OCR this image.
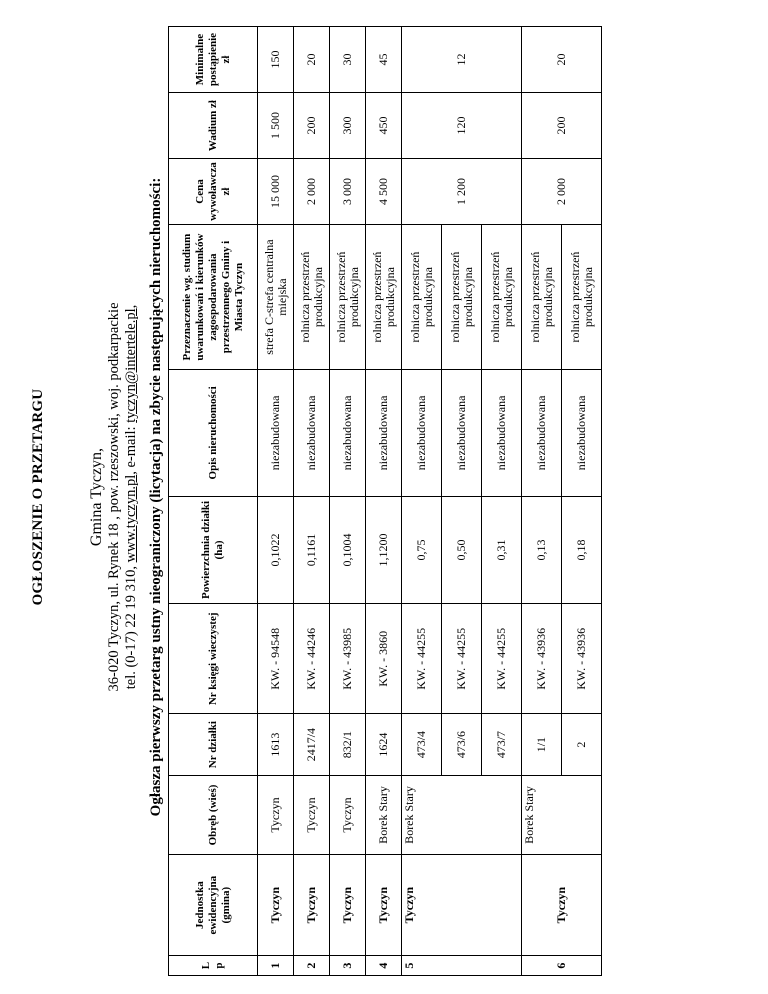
OGŁOSZENIE O PRZETARGU	Gmina Tyczyn, 36-020 Tyczyn, ul. Rynek 18 , pow. rzeszowski, woj. podkarpackie tel. (0-17) 22 19 310, www.tyczyn.pl, e-mail: tyczyn@intertele.pl, Ogłasza pierwszy przetarg ustny nieograniczony (licytacja) na zbycie następujących nieruchomości:
L p	Jednostka ewidencyjna (gmina)	Obręb (wieś)	Nr działki	Nr księgi wieczystej	Powierzchnia działki (ha)	Opis nieruchomości	Przeznaczenie wg. studium uwarunkowań i kierunków zagospodarowania przestrzennego Gminy i Miasta Tyczyn	Cena wywoławcza zł	Wadium zł	Minimalne postąpienie zł
1	Tyczyn	Tyczyn	1613	KW. - 94548	0,1022	niezabudowana	strefa C-strefa centralna miejska	15 000	1 500	150
2	Tyczyn	Tyczyn	2417/4	KW. - 44246	0,1161	niezabudowana	rolnicza przestrzeń produkcyjna	2 000	200	20
3	Tyczyn	Tyczyn	832/1	KW. - 43985	0,1004	niezabudowana	rolnicza przestrzeń produkcyjna	3 000	300	30
4	Tyczyn	Borek Stary	1624	KW. - 3860	1,1200	niezabudowana	rolnicza przestrzeń produkcyjna	4 500	450	45
5	Tyczyn	Borek Stary	473/4	KW. - 44255	0,75	niezabudowana	rolnicza przestrzeń produkcyjna	1 200	120	12
			473/6	KW. - 44255	0,50	niezabudowana	rolnicza przestrzeń produkcyjna			
			473/7	KW. - 44255	0,31	niezabudowana	rolnicza przestrzeń produkcyjna			
6	Tyczyn	Borek Stary	1/1	KW. - 43936	0,13	niezabudowana	rolnicza przestrzeń produkcyjna	2 000	200	20
			2	KW. - 43936	0,18	niezabudowana	rolnicza przestrzeń produkcyjna			
